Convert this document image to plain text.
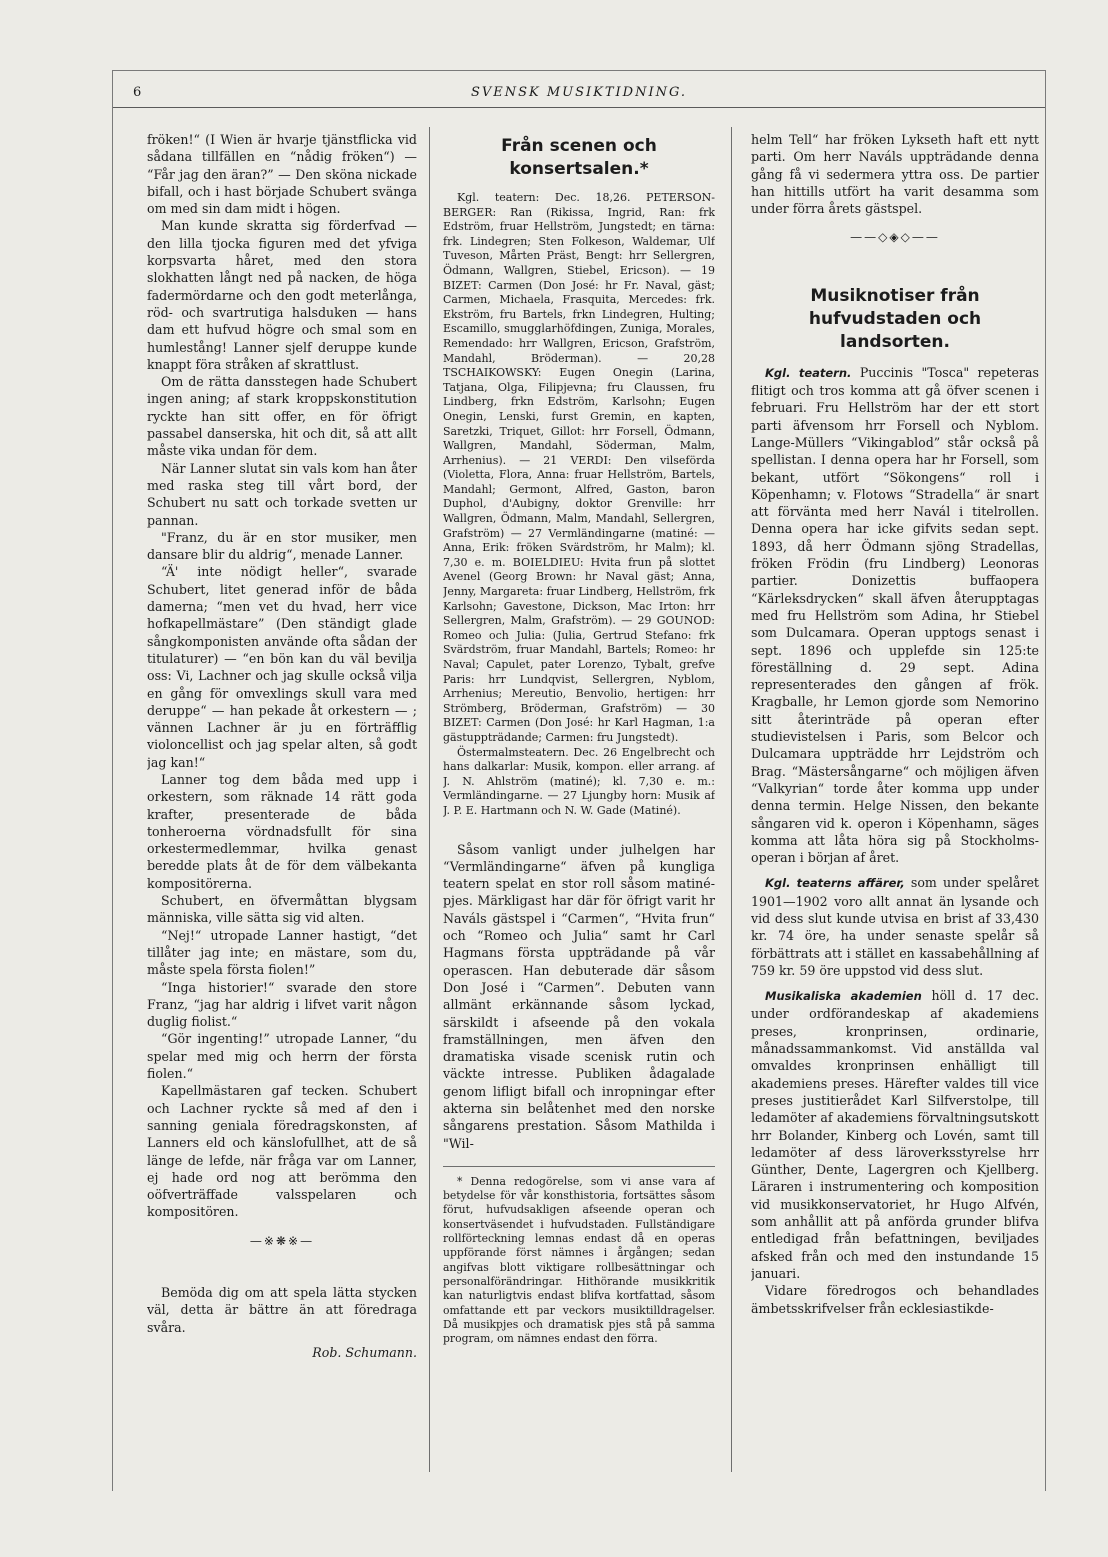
6	SVENSK MUSIKTIDNING.

fröken!“ (I Wien är hvarje tjänstflicka vid sådana tillfällen en “nådig fröken“) — “Får jag den äran?” — Den sköna nickade bifall, och i hast började Schubert svänga om med sin dam midt i högen.

Man kunde skratta sig förderfvad — den lilla tjocka figuren med det yfviga korpsvarta håret, med den stora slokhatten långt ned på nacken, de höga fadermördarne och den godt meterlånga, röd- och svartrutiga halsduken — hans dam ett hufvud högre och smal som en humlestång! Lanner sjelf deruppe kunde knappt föra stråken af skrattlust.

Om de rätta dansstegen hade Schubert ingen aning; af stark kroppskonstitution ryckte han sitt offer, en för öfrigt passabel danserska, hit och dit, så att allt måste vika undan för dem.

När Lanner slutat sin vals kom han åter med raska steg till vårt bord, der Schubert nu satt och torkade svetten ur pannan.

"Franz, du är en stor musiker, men dansare blir du aldrig“, menade Lanner.

“Ä' inte nödigt heller“, svarade Schubert, litet generad inför de båda damerna; “men vet du hvad, herr vice hofkapellmästare” (Den ständigt glade sångkomponisten använde ofta sådan der titulaturer) — “en bön kan du väl bevilja oss: Vi, Lachner och jag skulle också vilja en gång för omvexlings skull vara med deruppe“ — han pekade åt orkestern — ; vännen Lachner är ju en förträfflig violoncellist och jag spelar alten, så godt jag kan!“

Lanner tog dem båda med upp i orkestern, som räknade 14 rätt goda krafter, presenterade de båda tonheroerna vördnadsfullt för sina orkestermedlemmar, hvilka genast beredde plats åt de för dem välbekanta kompositörerna.

Schubert, en öfvermåttan blygsam människa, ville sätta sig vid alten.

“Nej!“ utropade Lanner hastigt, “det tillåter jag inte; en mästare, som du, måste spela första fiolen!”

“Inga historier!“ svarade den store Franz, “jag har aldrig i lifvet varit någon duglig fiolist.“

“Gör ingenting!” utropade Lanner, “du spelar med mig och herrn der första fiolen.“

Kapellmästaren gaf tecken. Schubert och Lachner ryckte så med af den i sanning geniala föredragskonsten, af Lanners eld och känslofullhet, att de så länge de lefde, när fråga var om Lanner, ej hade ord nog att berömma den oöfverträffade valsspelaren och kompositören.

—※❋※—

Bemöda dig om att spela lätta stycken väl, detta är bättre än att föredraga svåra.

Rob. Schumann.

Från scenen och konsertsalen.*

Kgl. teatern: Dec. 18,26. PETERSON-BERGER: Ran (Rikissa, Ingrid, Ran: frk Edström, fruar Hellström, Jungstedt; en tärna: frk. Lindegren; Sten Folkeson, Waldemar, Ulf Tuveson, Mårten Präst, Bengt: hrr Sellergren, Ödmann, Wallgren, Stiebel, Ericson). — 19 BIZET: Carmen (Don José: hr Fr. Naval, gäst; Carmen, Michaela, Frasquita, Mercedes: frk. Ekström, fru Bartels, frkn Lindegren, Hulting; Escamillo, smugglarhöfdingen, Zuniga, Morales, Remendado: hrr Wallgren, Ericson, Grafström, Mandahl, Bröderman). — 20,28 TSCHAIKOWSKY: Eugen Onegin (Larina, Tatjana, Olga, Filipjevna; fru Claussen, fru Lindberg, frkn Edström, Karlsohn; Eugen Onegin, Lenski, furst Gremin, en kapten, Saretzki, Triquet, Gillot: hrr Forsell, Ödmann, Wallgren, Mandahl, Söderman, Malm, Arrhenius). — 21 VERDI: Den vilseförda (Violetta, Flora, Anna: fruar Hellström, Bartels, Mandahl; Germont, Alfred, Gaston, baron Duphol, d'Aubigny, doktor Grenville: hrr Wallgren, Ödmann, Malm, Mandahl, Sellergren, Grafström) — 27 Vermländingarne (matiné: — Anna, Erik: fröken Svärdström, hr Malm); kl. 7,30 e. m. BOIELDIEU: Hvita frun på slottet Avenel (Georg Brown: hr Naval gäst; Anna, Jenny, Margareta: fruar Lindberg, Hellström, frk Karlsohn; Gavestone, Dickson, Mac Irton: hrr Sellergren, Malm, Grafström). — 29 GOUNOD: Romeo och Julia: (Julia, Gertrud Stefano: frk Svärdström, fruar Mandahl, Bartels; Romeo: hr Naval; Capulet, pater Lorenzo, Tybalt, grefve Paris: hrr Lundqvist, Sellergren, Nyblom, Arrhenius; Mereutio, Benvolio, hertigen: hrr Strömberg, Bröderman, Grafström) — 30 BIZET: Carmen (Don José: hr Karl Hagman, 1:a gästuppträdande; Carmen: fru Jungstedt).

Östermalmsteatern. Dec. 26 Engelbrecht och hans dalkarlar: Musik, kompon. eller arrang. af J. N. Ahlström (matiné); kl. 7,30 e. m.: Vermländingarne. — 27 Ljungby horn: Musik af J. P. E. Hartmann och N. W. Gade (Matiné).

Såsom vanligt under julhelgen har “Vermländingarne“ äfven på kungliga teatern spelat en stor roll såsom matiné-pjes. Märkligast har där för öfrigt varit hr Naváls gästspel i “Carmen“, “Hvita frun“ och “Romeo och Julia“ samt hr Carl Hagmans första uppträdande på vår operascen. Han debuterade där såsom Don José i “Carmen”. Debuten vann allmänt erkännande såsom lyckad, särskildt i afseende på den vokala framställningen, men äfven den dramatiska visade scenisk rutin och väckte intresse. Publiken ådagalade genom lifligt bifall och inropningar efter akterna sin belåtenhet med den norske sångarens prestation. Såsom Mathilda i "Wil-

* Denna redogörelse, som vi anse vara af betydelse för vår konsthistoria, fortsättes såsom förut, hufvudsakligen afseende operan och konsertväsendet i hufvudstaden. Fullständigare rollförteckning lemnas endast då en operas uppförande först nämnes i årgången; sedan angifvas blott viktigare rollbesättningar och personalförändringar. Hithörande musikkritik kan naturligtvis endast blifva kortfattad, såsom omfattande ett par veckors musiktilldragelser. Då musikpjes och dramatisk pjes stå på samma program, om nämnes endast den förra.

helm Tell“ har fröken Lykseth haft ett nytt parti. Om herr Naváls uppträdande denna gång få vi sedermera yttra oss. De partier han hittills utfört ha varit desamma som under förra årets gästspel.

——◇◈◇——
Musiknotiser från hufvudstaden och landsorten.

Kgl. teatern. Puccinis "Tosca" repeteras flitigt och tros komma att gå öfver scenen i februari. Fru Hellström har der ett stort parti äfvensom hrr Forsell och Nyblom. Lange-Müllers “Vikingablod” står också på spellistan. I denna opera har hr Forsell, som bekant, utfört “Sökongens“ roll i Köpenhamn; v. Flotows “Stradella“ är snart att förvänta med herr Navál i titelrollen. Denna opera har icke gifvits sedan sept. 1893, då herr Ödmann sjöng Stradellas, fröken Frödin (fru Lindberg) Leonoras partier. Donizettis buffaopera “Kärleksdrycken“ skall äfven återupptagas med fru Hellström som Adina, hr Stiebel som Dulcamara. Operan upptogs senast i sept. 1896 och upplefde sin 125:te föreställning d. 29 sept. Adina representerades den gången af frök. Kragballe, hr Lemon gjorde som Nemorino sitt återinträde på operan efter studievistelsen i Paris, som Belcor och Dulcamara uppträdde hrr Lejdström och Brag. “Mästersångarne“ och möjligen äfven “Valkyrian“ torde åter komma upp under denna termin. Helge Nissen, den bekante sångaren vid k. operon i Köpenhamn, säges komma att låta höra sig på Stockholms-operan i början af året.

Kgl. teaterns affärer, som under spelåret 1901—1902 voro allt annat än lysande och vid dess slut kunde utvisa en brist af 33,430 kr. 74 öre, ha under senaste spelår så förbättrats att i stället en kassabehållning af 759 kr. 59 öre uppstod vid dess slut.

Musikaliska akademien höll d. 17 dec. under ordförandeskap af akademiens preses, kronprinsen, ordinarie, månadssammankomst. Vid anställda val omvaldes kronprinsen enhälligt till akademiens preses. Härefter valdes till vice preses justitierådet Karl Silfverstolpe, till ledamöter af akademiens förvaltningsutskott hrr Bolander, Kinberg och Lovén, samt till ledamöter af dess läroverksstyrelse hrr Günther, Dente, Lagergren och Kjellberg. Läraren i instrumentering och komposition vid musikkonservatoriet, hr Hugo Alfvén, som anhållit att på anförda grunder blifva entledigad från befattningen, beviljades afsked från och med den instundande 15 januari.

Vidare föredrogos och behandlades ämbetsskrifvelser från ecklesiastikde-
